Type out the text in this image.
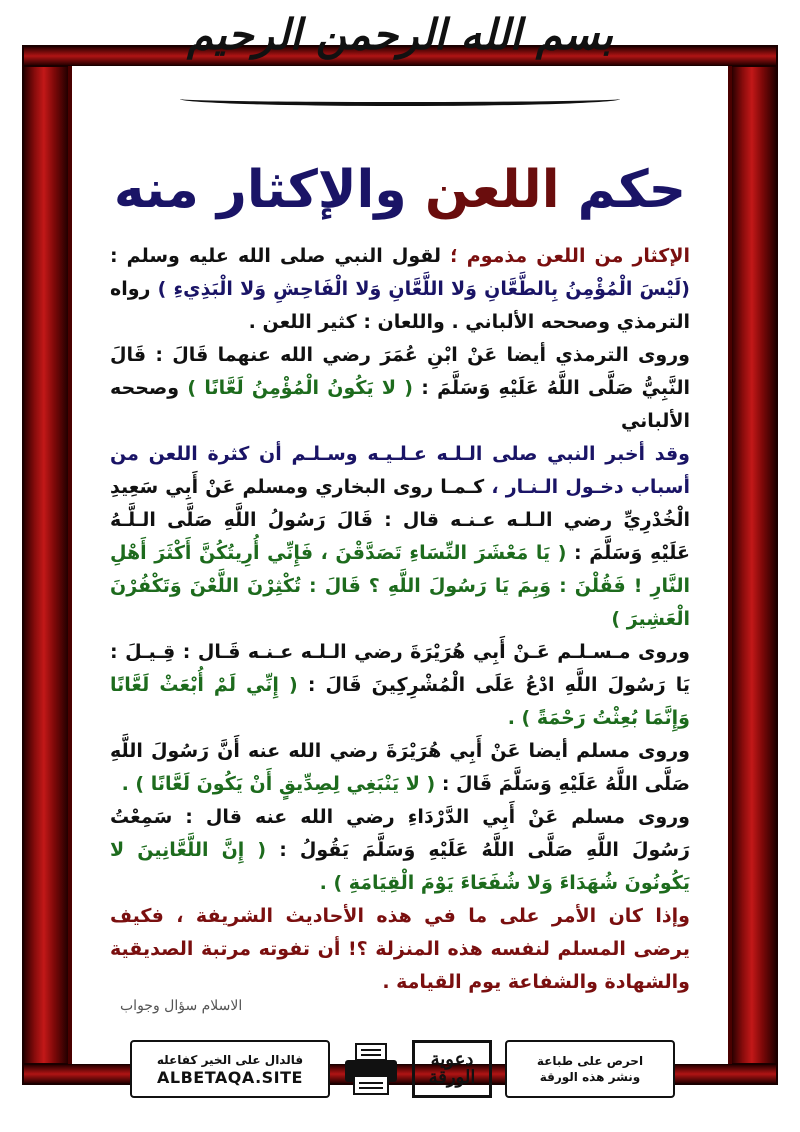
بسم الله الرحمن الرحيم
حكم اللعن والإكثار منه

الإكثار من اللعن مذموم ؛ لقول النبي صلى الله عليه وسلم : (لَيْسَ الْمُؤْمِنُ بِالطَّعَّانِ وَلا اللَّعَّانِ وَلا الْفَاحِشِ وَلا الْبَذِيءِ ) رواه الترمذي وصححه الألباني . واللعان : كثير اللعن .

وروى الترمذي أيضا عَنْ ابْنِ عُمَرَ رضي الله عنهما قَالَ : قَالَ النَّبِيُّ صَلَّى اللَّهُ عَلَيْهِ وَسَلَّمَ : ( لا يَكُونُ الْمُؤْمِنُ لَعَّانًا ) وصححه الألباني

وقد أخبر النبي صلى الـلـه عـلـيـه وسـلـم أن كثرة اللعن من أسباب دخـول الـنـار ، كـمـا روى البخاري ومسلم عَنْ أَبِي سَعِيدِ الْخُدْرِيِّ رضي الـلـه عـنـه قال : قَالَ رَسُولُ اللَّهِ صَلَّى الـلَّـهُ عَلَيْهِ وَسَلَّمَ : ( يَا مَعْشَرَ النِّسَاءِ تَصَدَّقْنَ ، فَإِنِّي أُرِيتُكُنَّ أَكْثَرَ أَهْلِ النَّارِ ! فَقُلْنَ : وَبِمَ يَا رَسُولَ اللَّهِ ؟ قَالَ : تُكْثِرْنَ اللَّعْنَ وَتَكْفُرْنَ الْعَشِيرَ )

وروى مـسـلـم عَـنْ أَبِي هُرَيْرَةَ رضي الـلـه عـنـه قَـال : قِـيـلَ : يَا رَسُولَ اللَّهِ ادْعُ عَلَى الْمُشْرِكِينَ قَالَ : ( إِنِّي لَمْ أُبْعَثْ لَعَّانًا وَإِنَّمَا بُعِثْتُ رَحْمَةً ) .

وروى مسلم أيضا عَنْ أَبِي هُرَيْرَةَ رضي الله عنه أَنَّ رَسُولَ اللَّهِ صَلَّى اللَّهُ عَلَيْهِ وَسَلَّمَ قَالَ : ( لا يَنْبَغِي لِصِدِّيقٍ أَنْ يَكُونَ لَعَّانًا ) .

وروى مسلم عَنْ أَبِي الدَّرْدَاءِ رضي الله عنه قال : سَمِعْتُ رَسُولَ اللَّهِ صَلَّى اللَّهُ عَلَيْهِ وَسَلَّمَ يَقُولُ : ( إِنَّ اللَّعَّانِينَ لا يَكُونُونَ شُهَدَاءَ وَلا شُفَعَاءَ يَوْمَ الْقِيَامَةِ ) .

وإذا كان الأمر على ما في هذه الأحاديث الشريفة ، فكيف يرضى المسلم لنفسه هذه المنزلة ؟! أن تفوته مرتبة الصديقية والشهادة والشفاعة يوم القيامة .

الاسلام سؤال وجواب
فالدال على الخير كفاعله
ALBETAQA.SITE
دعوية الورقة
احرص على طباعة
ونشر هذه الورقة
